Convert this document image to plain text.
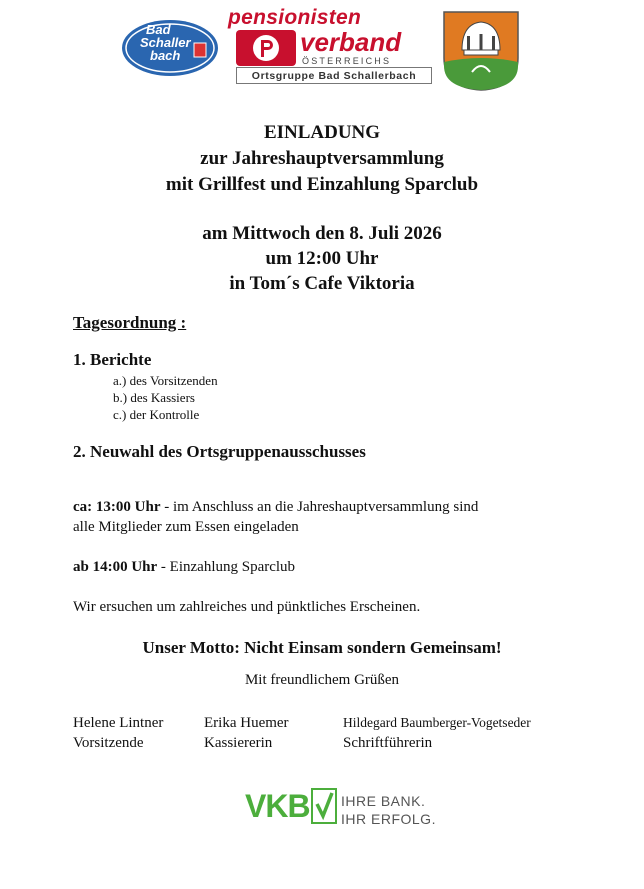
Bad
Schaller
bach
pensionisten
verband
ÖSTERREICHS
Ortsgruppe Bad Schallerbach
EINLADUNG
zur Jahreshauptversammlung
mit Grillfest und Einzahlung Sparclub
am Mittwoch den 8. Juli 2026
um 12:00 Uhr
in Tom´s Cafe Viktoria
Tagesordnung :
1. Berichte
a.) des Vorsitzenden
b.) des Kassiers
c.) der Kontrolle
2. Neuwahl des Ortsgruppenausschusses
ca: 13:00 Uhr - im Anschluss an die Jahreshauptversammlung sind
alle Mitglieder zum Essen eingeladen
ab 14:00 Uhr - Einzahlung Sparclub
Wir ersuchen um zahlreiches und pünktliches Erscheinen.
Unser Motto: Nicht Einsam sondern Gemeinsam!
Mit freundlichem Grüßen
Helene Lintner
Vorsitzende
Erika Huemer
Kassiererin
Hildegard Baumberger-Vogetseder
Schriftführerin
VKB IHRE BANK.
IHR ERFOLG.
